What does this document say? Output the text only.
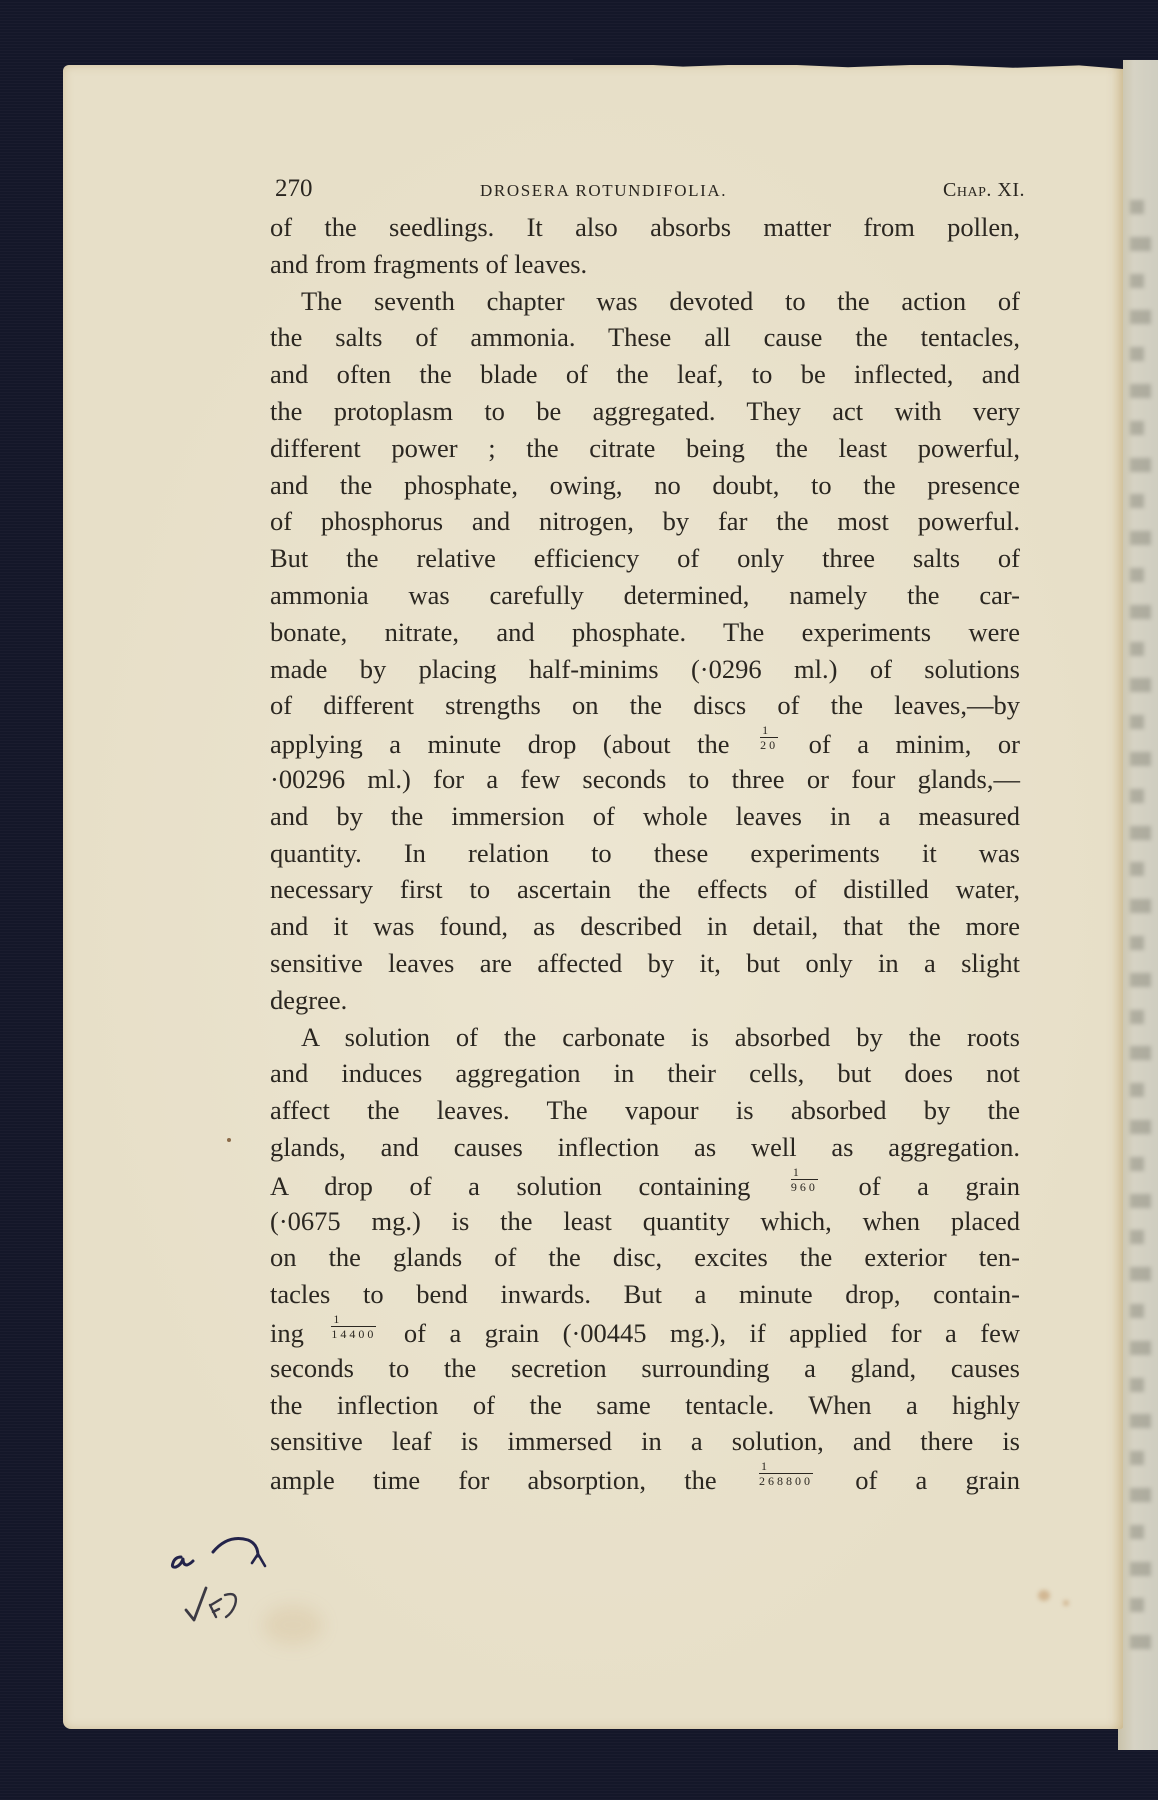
270	DROSERA ROTUNDIFOLIA.	Chap. XI.
of the seedlings. It also absorbs matter from pollen,
and from fragments of leaves.
The seventh chapter was devoted to the action of
the salts of ammonia. These all cause the tentacles,
and often the blade of the leaf, to be inflected, and
the protoplasm to be aggregated. They act with very
different power ; the citrate being the least powerful,
and the phosphate, owing, no doubt, to the presence
of phosphorus and nitrogen, by far the most powerful.
But the relative efficiency of only three salts of
ammonia was carefully determined, namely the car-
bonate, nitrate, and phosphate. The experiments were
made by placing half-minims (·0296 ml.) of solutions
of different strengths on the discs of the leaves,—by
applying a minute drop (about the	$\frac{1}{20}$ of a minim, or
·00296 ml.) for a few seconds to three or four glands,—
and by the immersion of whole leaves in a measured
quantity. In relation to these experiments it was
necessary first to ascertain the effects of distilled water,
and it was found, as described in detail, that the more
sensitive leaves are affected by it, but only in a slight
degree.
A solution of the carbonate is absorbed by the roots
and induces aggregation in their cells, but does not
affect the leaves. The vapour is absorbed by the
glands, and causes inflection as well as aggregation.
A drop of a solution containing	$\frac{1}{960}$ of a grain
(·0675 mg.) is the least quantity which, when placed
on the glands of the disc, excites the exterior ten-
tacles to bend inwards. But a minute drop, contain-
ing $\frac{1}{14400}$ of a grain (·00445 mg.), if applied for a few
seconds to the secretion surrounding a gland, causes
the inflection of the same tentacle. When a highly
sensitive leaf is immersed in a solution, and there is
ample time for absorption, the	$\frac{1}{268800}$ of a grain
a √FD
